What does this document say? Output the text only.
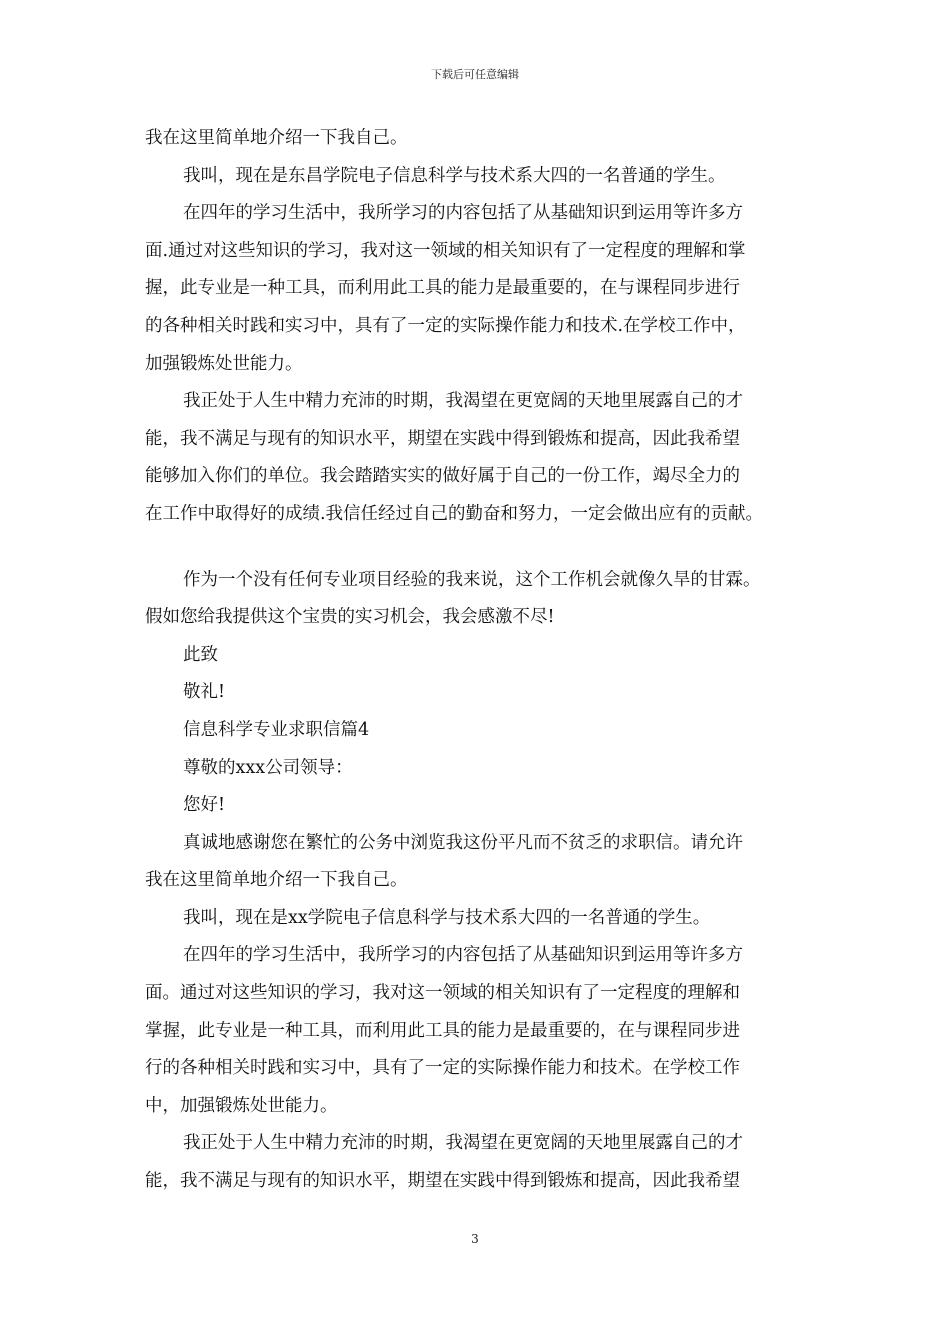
下载后可任意编辑
我在这里简单地介绍一下我自己。
我叫，现在是东昌学院电子信息科学与技术系大四的一名普通的学生。
在四年的学习生活中，我所学习的内容包括了从基础知识到运用等许多方
面.通过对这些知识的学习，我对这一领域的相关知识有了一定程度的理解和掌
握，此专业是一种工具，而利用此工具的能力是最重要的，在与课程同步进行
的各种相关时践和实习中，具有了一定的实际操作能力和技术.在学校工作中，
加强锻炼处世能力。
我正处于人生中精力充沛的时期，我渴望在更宽阔的天地里展露自己的才
能，我不满足与现有的知识水平，期望在实践中得到锻炼和提高，因此我希望
能够加入你们的单位。我会踏踏实实的做好属于自己的一份工作，竭尽全力的
在工作中取得好的成绩.我信任经过自己的勤奋和努力，一定会做出应有的贡献。
作为一个没有任何专业项目经验的我来说，这个工作机会就像久旱的甘霖。
假如您给我提供这个宝贵的实习机会，我会感激不尽!
此致
敬礼!
信息科学专业求职信篇4
尊敬的xxx公司领导：
您好!
真诚地感谢您在繁忙的公务中浏览我这份平凡而不贫乏的求职信。请允许
我在这里简单地介绍一下我自己。
我叫，现在是xx学院电子信息科学与技术系大四的一名普通的学生。
在四年的学习生活中，我所学习的内容包括了从基础知识到运用等许多方
面。通过对这些知识的学习，我对这一领域的相关知识有了一定程度的理解和
掌握，此专业是一种工具，而利用此工具的能力是最重要的，在与课程同步进
行的各种相关时践和实习中，具有了一定的实际操作能力和技术。在学校工作
中，加强锻炼处世能力。
我正处于人生中精力充沛的时期，我渴望在更宽阔的天地里展露自己的才
能，我不满足与现有的知识水平，期望在实践中得到锻炼和提高，因此我希望
3
